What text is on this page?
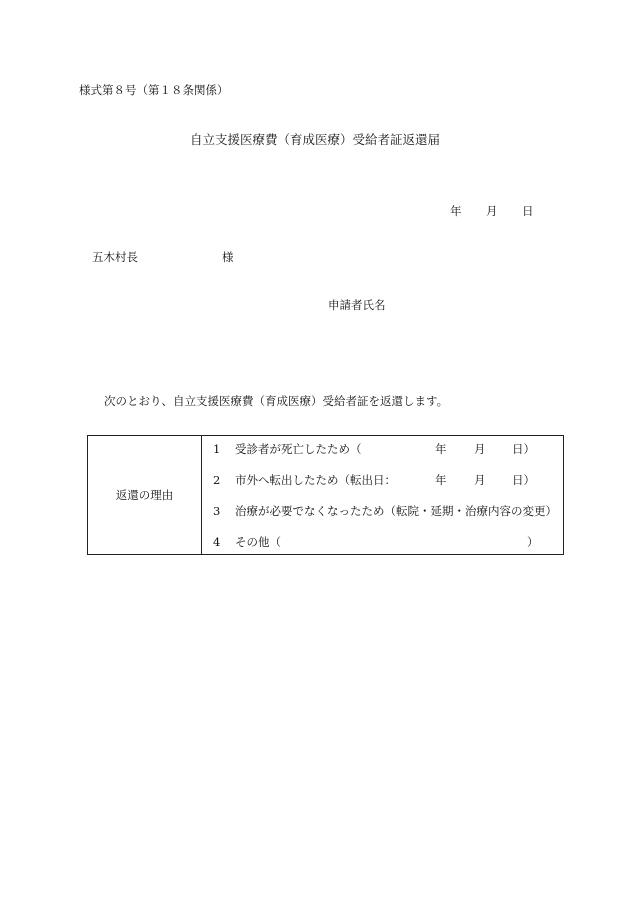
様式第８号（第１８条関係）
自立支援医療費（育成医療）受給者証返還届
年 月 日
五木村長	様
申請者氏名
次のとおり、自立支援医療費（育成医療）受給者証を返還します。
返還の理由	
1 受診者が死亡したため（	年 月 日）
2 市外へ転出したため（転出日：	年 月 日）
3 治療が必要でなくなったため（転院・延期・治療内容の変更）
4 その他（	）
